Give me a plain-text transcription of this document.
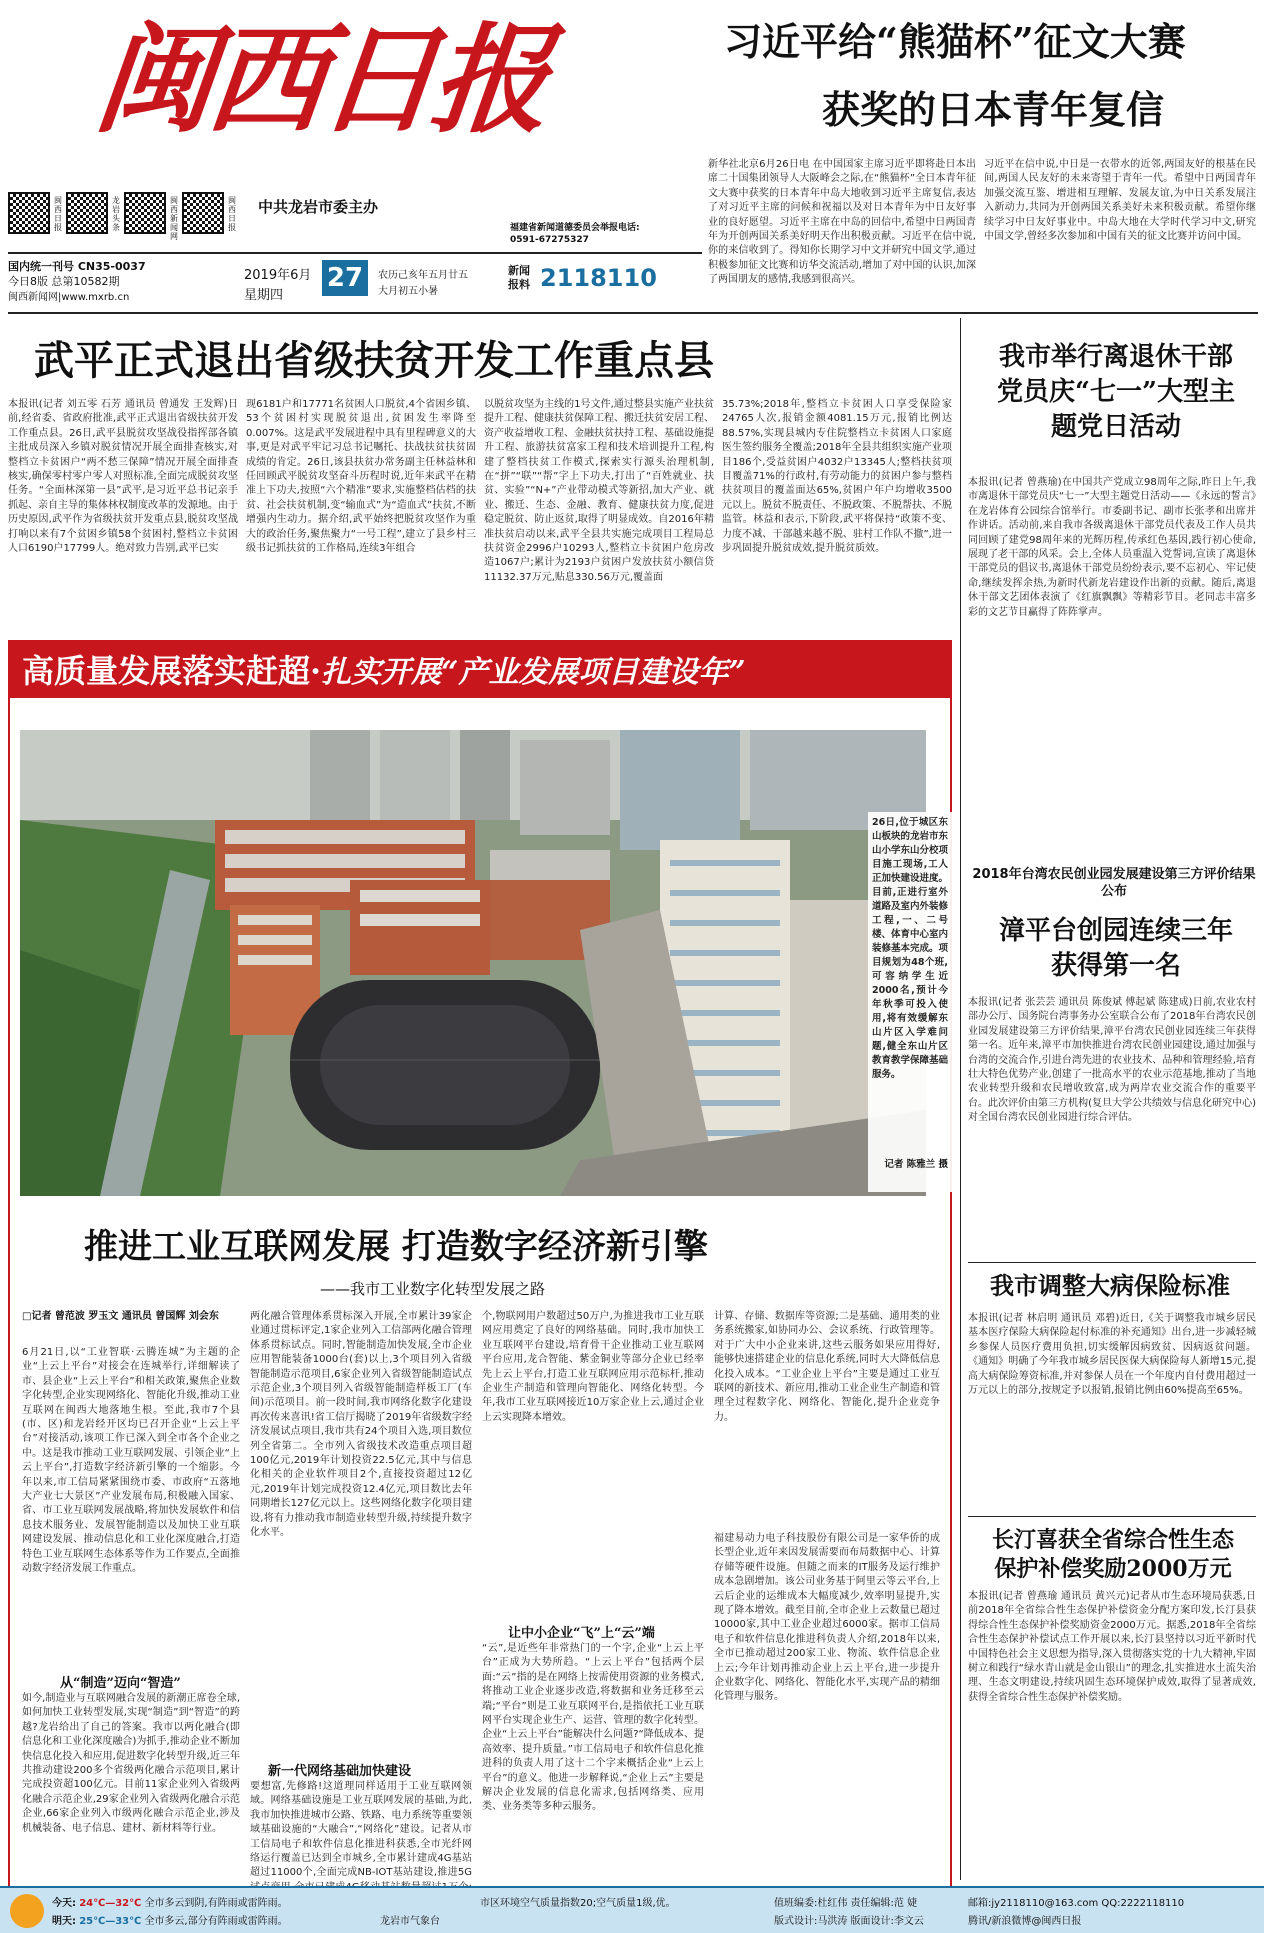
闽西日报
中共龙岩市委主办
闽西日报
龙岩头条
闽西新闻网
闽西日报
国内统一刊号 CN35-0037
今日8版 总第10582期
闽西新闻网|www.mxrb.cn
2019年6月
星期四
27	农历己亥年五月廿五
大月初五小暑
新闻报料 2118110
福建省新闻道德委员会举报电话:
0591-67275327
习近平给“熊猫杯”征文大赛
获奖的日本青年复信
新华社北京6月26日电 在中国国家主席习近平即将赴日本出席二十国集团领导人大阪峰会之际,在“熊猫杯”全日本青年征文大赛中获奖的日本青年中岛大地收到习近平主席复信,表达了对习近平主席的问候和祝福以及对日本青年为中日友好事业的良好愿望。习近平主席在中岛的回信中,希望中日两国青年为开创两国关系美好明天作出积极贡献。习近平在信中说,你的来信收到了。得知你长期学习中文并研究中国文学,通过积极参加征文比赛和访华交流活动,增加了对中国的认识,加深了两国朋友的感情,我感到很高兴。
习近平在信中说,中日是一衣带水的近邻,两国友好的根基在民间,两国人民友好的未来寄望于青年一代。希望中日两国青年加强交流互鉴、增进相互理解、发展友谊,为中日关系发展注入新动力,共同为开创两国关系美好未来积极贡献。希望你继续学习中日友好事业中。中岛大地在大学时代学习中文,研究中国文学,曾经多次参加和中国有关的征文比赛并访问中国。
武平正式退出省级扶贫开发工作重点县
本报讯(记者 刘五零 石芳 通讯员 曾通发 王发辉)日前,经省委、省政府批准,武平正式退出省级扶贫开发工作重点县。26日,武平县脱贫攻坚战役指挥部各镇主批成员深入乡镇对脱贫情况开展全面排查核实,对整档立卡贫困户“两不愁三保障”情况开展全面排查核实,确保零村零户零人对照标准,全面完成脱贫攻坚任务。“全面林深第一县”武平,是习近平总书记亲手抓起、亲自主导的集体林权制度改革的发源地。由于历史原因,武平作为省级扶贫开发重点县,脱贫攻坚战打响以来有7个贫困乡镇58个贫困村,整档立卡贫困人口6190户17799人。绝对致力告别,武平已实
现6181户和17771名贫困人口脱贫,4个省困乡镇、53个贫困村实现脱贫退出,贫困发生率降至0.007%。这是武平发展进程中具有里程碑意义的大事,更是对武平牢记习总书记嘱托、扶战扶贫扶贫固成绩的肯定。26日,该县扶贫办常务副主任林益林和任回顾武平脱贫攻坚奋斗历程时说,近年来武平在精准上下功夫,按照“六个精准”要求,实施整档估档的扶贫、社会扶贫机制,变“输血式”为“造血式”扶贫,不断增强内生动力。据介绍,武平始终把脱贫攻坚作为重大的政治任务,聚焦聚力“一号工程”,建立了县乡村三级书记抓扶贫的工作格局,连续3年组合
以脱贫攻坚为主线的1号文件,通过整县实施产业扶贫提升工程、健康扶贫保障工程、搬迁扶贫安居工程、资产收益增收工程、金融扶贫扶持工程、基础设施提升工程、旅游扶贫富家工程和技术培训提升工程,构建了整档扶贫工作模式,探索实行源头治理机制,在“拼”“联”“帮”字上下功夫,打出了“百姓就业、扶贫、实验”“N+”产业带动模式等新招,加大产业、就业、搬迁、生态、金融、教育、健康扶贫力度,促进稳定脱贫、防止返贫,取得了明显成效。自2016年精准扶贫启动以来,武平全县共实施完成项目工程局总扶贫资金2996户10293人,整档立卡贫困户危房改造1067户;累计为2193户贫困户发放扶贫小额信贷11132.37万元,贴息330.56万元,覆盖面
35.73%;2018年,整档立卡贫困人口享受保险家24765人次,报销金额4081.15万元,报销比例达88.57%,实现县城内专住院整档立卡贫困人口家庭医生签约服务全覆盖;2018年全县共组织实施产业项目186个,受益贫困户4032户13345人;整档扶贫项目覆盖71%的行政村,有劳动能力的贫困户参与整档扶贫项目的覆盖面达65%,贫困户年户均增收3500元以上。脱贫不脱责任、不脱政策、不脱帮扶、不脱监管。林益和表示,下阶段,武平将保持“政策不变、力度不减、干部越来越不脱、驻村工作队不撤”,进一步巩固提升脱贫成效,提升脱贫质效。
高质量发展落实赶超· 扎实开展“产业发展项目建设年”
26日,位于城区东山板块的龙岩市东山小学东山分校项目施工现场,工人正加快建设进度。目前,正进行室外道路及室内外装修工程,一、二号楼、体育中心室内装修基本完成。项目规划为48个班,可容纳学生近2000名,预计今年秋季可投入使用,将有效缓解东山片区入学难问题,健全东山片区教育教学保障基础服务。
记者 陈雅兰 摄
推进工业互联网发展 打造数字经济新引擎
——我市工业数字化转型发展之路
□记者 曾范波 罗玉文 通讯员 曾国辉 刘会东
6月21日,以“工业智联·云腾连城”为主题的企业“上云上平台”对接会在连城举行,详细解读了市、县企业“上云上平台”和相关政策,聚焦企业数字化转型,企业实现网络化、智能化升级,推动工业互联网在闽西大地落地生根。至此,我市7个县(市、区)和龙岩经开区均已召开企业“上云上平台”对接活动,该项工作已深入到全市各个企业之中。这是我市推动工业互联网发展、引领企业“上云上平台”,打造数字经济新引擎的一个缩影。今年以来,市工信局紧紧围绕市委、市政府“五落地大产业七大景区”产业发展布局,积极融入国家、省、市工业互联网发展战略,将加快发展软件和信息技术服务业、发展智能制造以及加快工业互联网建设发展、推动信息化和工业化深度融合,打造特色工业互联网生态体系等作为工作要点,全面推动数字经济发展工作重点。
从“制造”迈向“智造”
如今,制造业与互联网融合发展的新潮正席卷全球,如何加快工业转型发展,实现“制造”到“智造”的跨越?龙岩给出了自己的答案。我市以两化融合(即信息化和工业化深度融合)为抓手,推动企业不断加快信息化投入和应用,促进数字化转型升级,近三年共推动建设200多个省级两化融合示范项目,累计完成投资超100亿元。目前11家企业列入省级两化融合示范企业,29家企业列入省级两化融合示范企业,66家企业列入市级两化融合示范企业,涉及机械装备、电子信息、建材、新材料等行业。
两化融合管理体系贯标深入开展,全市累计39家企业通过贯标评定,1家企业列入工信部两化融合管理体系贯标试点。同时,智能制造加快发展,全市企业应用智能装备1000台(套)以上,3个项目列入省级智能制造示范项目,6家企业列入省级智能制造试点示范企业,3个项目列入省级智能制造样板工厂(车间)示范项目。前一段时间,我市网络化数字化建设再次传来喜讯!省工信厅揭晓了2019年省级数字经济发展试点项目,我市共有24个项目入选,项目数位列全省第二。全市列入省级技术改造重点项目超100亿元,2019年计划投资22.5亿元,其中与信息化相关的企业软件项目2个,直接投资超过12亿元,2019年计划完成投资12.4亿元,项目数比去年同期增长127亿元以上。这些网络化数字化项目建设,将有力推动我市制造业转型升级,持续提升数字化水平。
新一代网络基础加快建设
要想富,先修路!这道理同样适用于工业互联网领域。网络基础设施是工业互联网发展的基础,为此,我市加快推进城市公路、铁路、电力系统等重要领域基础设施的“大融合”,“网络化”建设。记者从市工信局电子和软件信息化推进科获悉,全市光纤网络运行覆盖已达到全市城乡,全市累计建成4G基站超过11000个,全面完成NB-IOT基站建设,推进5G
个,物联网用户数超过50万户,为推进我市工业互联网应用奠定了良好的网络基础。同时,我市加快工业互联网平台建设,培育骨干企业推动工业互联网平台应用,龙合智能、紫金铜业等部分企业已经率先上云上平台,打造工业互联网应用示范标杆,推动企业生产制造和管理向智能化、网络化转型。今年,我市工业互联网接近10万家企业上云,通过企业上云实现降本增效。
让中小企业“飞”上“云”端
“云”,是近些年非常热门的一个字,企业“上云上平台”正成为大势所趋。“上云上平台”包括两个层面:“云”指的是在网络上按需使用资源的业务模式,将推动工业企业逐步改造,将数据和业务迁移至云端;“平台”则是工业互联网平台,是指依托工业互联网平台实现企业生产、运营、管理的数字化转型。企业“上云上平台”能解决什么问题?“降低成本、提高效率、提升质量。”市工信局电子和软件信息化推进科的负责人用了这十二个字来概括企业“上云上平台”的意义。他进一步解释说,“企业上云”主要是解决企业发展的信息化需求,包括网络类、应用类、业务类等多种云服务。
计算、存储、数据库等资源;二是基础、通用类的业务系统搬家,如协同办公、会议系统、行政管理等。对于广大中小企业来讲,这些云服务如果应用得好,能够快速搭建企业的信息化系统,同时大大降低信息化投入成本。“工业企业上平台”主要是通过工业互联网的新技术、新应用,推动工业企业生产制造和管理全过程数字化、网络化、智能化,提升企业竞争力。
福建易动力电子科技股份有限公司是一家华侨的成长型企业,近年来因发展需要而布局数据中心、计算存储等硬件设施。但随之而来的IT服务及运行维护成本急剧增加。该公司业务基于阿里云等云平台,上云后企业的运维成本大幅度减少,效率明显提升,实现了降本增效。截至目前,全市企业上云数量已超过10000家,其中工业企业超过6000家。据市工信局电子和软件信息化推进科负责人介绍,2018年以来,全市已推动超过200家工业、物流、软件信息企业上云;今年计划再推动企业上云上平台,进一步提升企业数字化、网络化、智能化水平,实现产品的精细化管理与服务。
我市举行离退休干部党员庆“七一”大型主题党日活动
本报讯(记者 曾燕瑜)在中国共产党成立98周年之际,昨日上午,我市离退休干部党员庆“七一”大型主题党日活动——《永远的誓言》在龙岩体育公园综合馆举行。市委副书记、副市长张孝和出席并作讲话。活动前,来自我市各级离退休干部党员代表及工作人员共同回顾了建党98周年来的光辉历程,传承红色基因,践行初心使命,展现了老干部的风采。会上,全体人员重温入党誓词,宣读了离退休干部党员的倡议书,离退休干部党员纷纷表示,要不忘初心、牢记使命,继续发挥余热,为新时代新龙岩建设作出新的贡献。随后,离退休干部文艺团体表演了《红旗飘飘》等精彩节目。老同志丰富多彩的文艺节目赢得了阵阵掌声。
2018年台湾农民创业园发展建设第三方评价结果公布
漳平台创园连续三年获得第一名
本报讯(记者 张芸芸 通讯员 陈俊斌 傅起斌 陈建成)日前,农业农村部办公厅、国务院台湾事务办公室联合公布了2018年台湾农民创业园发展建设第三方评价结果,漳平台湾农民创业园连续三年获得第一名。近年来,漳平市加快推进台湾农民创业园建设,通过加强与台湾的交流合作,引进台湾先进的农业技术、品种和管理经验,培育壮大特色优势产业,创建了一批高水平的农业示范基地,推动了当地农业转型升级和农民增收致富,成为两岸农业交流合作的重要平台。此次评价由第三方机构(复旦大学公共绩效与信息化研究中心)对全国台湾农民创业园进行综合评估。
我市调整大病保险标准
本报讯(记者 林启明 通讯员 邓碧)近日,《关于调整我市城乡居民基本医疗保险大病保险起付标准的补充通知》出台,进一步减轻城乡参保人员医疗费用负担,切实缓解因病致贫、因病返贫问题。《通知》明确了今年我市城乡居民医保大病保险每人新增15元,提高大病保险筹资标准,并对参保人员在一个年度内自付费用超过一万元以上的部分,按规定予以报销,报销比例由60%提高至65%。
长汀喜获全省综合性生态保护补偿奖励2000万元
本报讯(记者 曾燕瑜 通讯员 黄兴元)记者从市生态环境局获悉,日前2018年全省综合性生态保护补偿资金分配方案印发,长汀县获得综合性生态保护补偿奖励资金2000万元。据悉,2018年全省综合性生态保护补偿试点工作开展以来,长汀县坚持以习近平新时代中国特色社会主义思想为指导,深入贯彻落实党的十九大精神,牢固树立和践行“绿水青山就是金山银山”的理念,扎实推进水土流失治理、生态文明建设,持续巩固生态环境保护成效,取得了显著成效,获得全省综合性生态保护补偿奖励。
今天: 24℃—32℃ 全市多云到阴,有阵雨或雷阵雨。
明天: 25℃—33℃ 全市多云,部分有阵雨或雷阵雨。	龙岩市气象台
市区环境空气质量指数20;空气质量1级,优。	值班编委:杜红伟 责任编辑:范 婕
版式设计:马洪涛 版面设计:李文云
邮箱:jy2118110@163.com QQ:2222118110
腾讯/新浪微博@闽西日报
